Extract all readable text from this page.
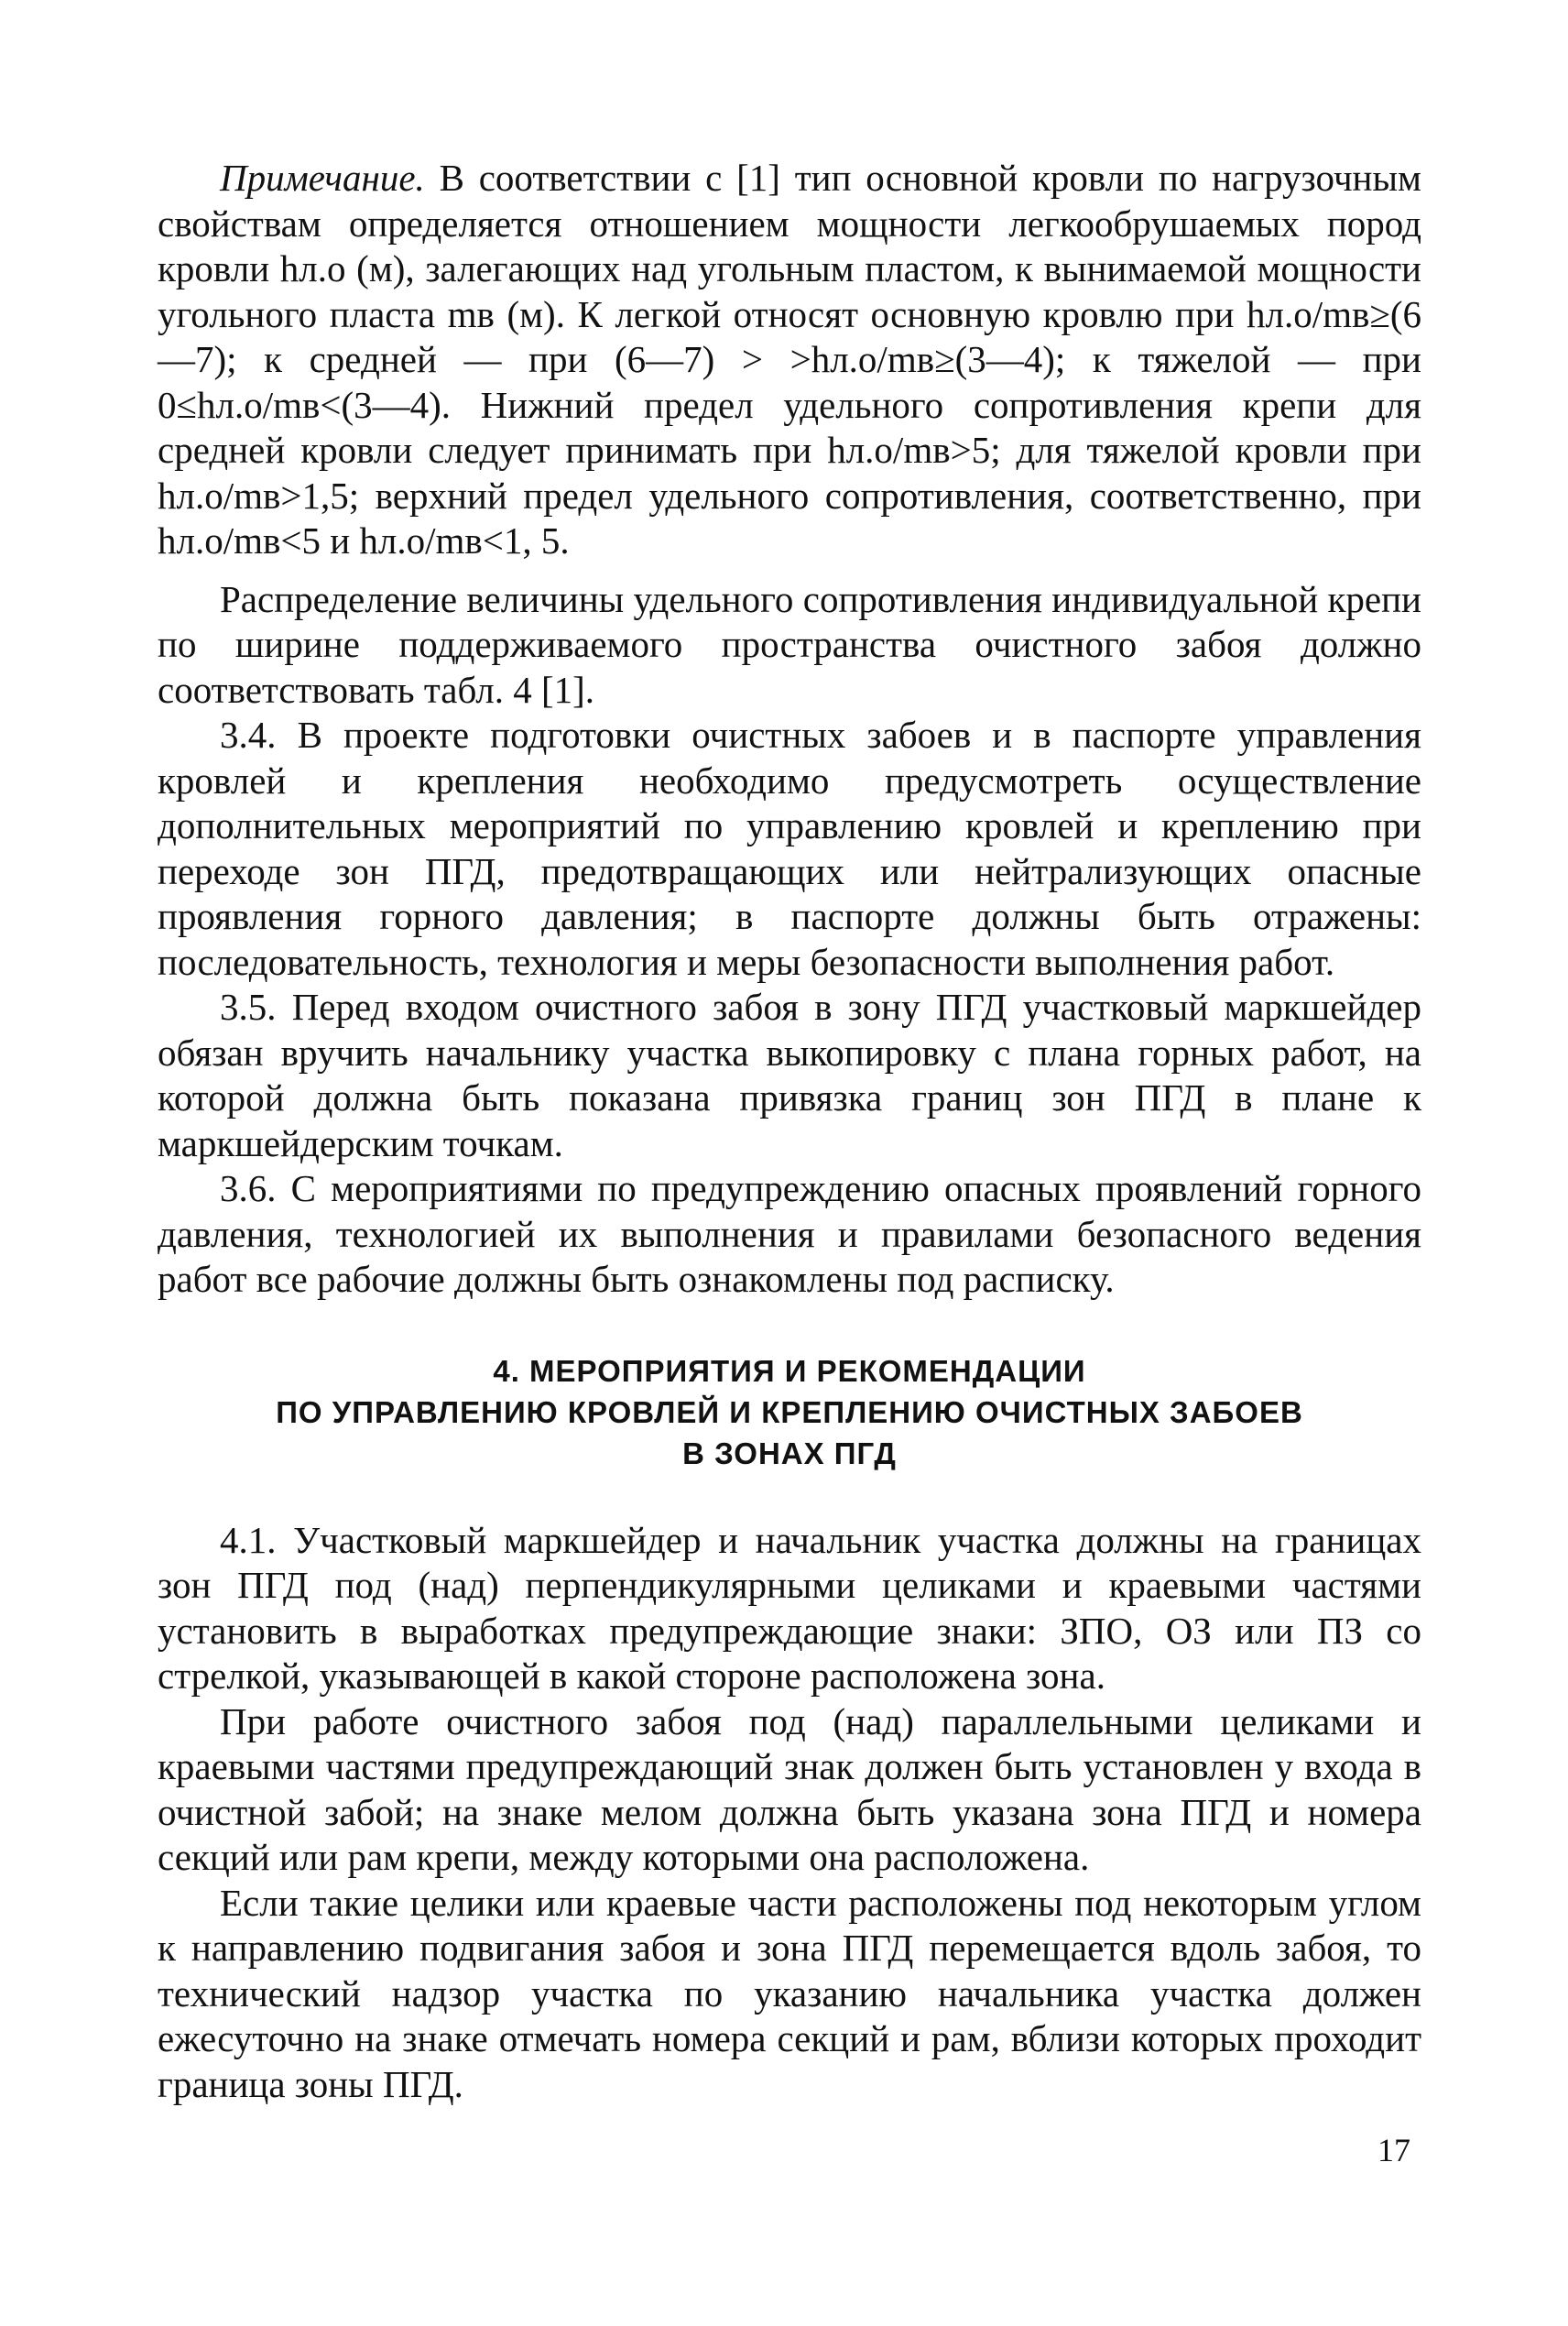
Примечание. В соответствии с [1] тип основной кровли по нагрузочным свойствам определяется отношением мощности легкообрушаемых пород кровли hл.о (м), залегающих над угольным пластом, к вынимаемой мощности угольного пласта mв (м). К легкой относят основную кровлю при hл.о/mв≥(6—7); к средней — при (6—7) > >hл.о/mв≥(3—4); к тяжелой — при 0≤hл.о/mв<(3—4). Нижний предел удельного сопротивления крепи для средней кровли следует принимать при hл.о/mв>5; для тяжелой кровли при hл.о/mв>1,5; верхний предел удельного сопротивления, соответственно, при hл.о/mв<5 и hл.о/mв<1, 5.

Распределение величины удельного сопротивления индивидуальной крепи по ширине поддерживаемого пространства очистного забоя должно соответствовать табл. 4 [1].

3.4. В проекте подготовки очистных забоев и в паспорте управления кровлей и крепления необходимо предусмотреть осуществление дополнительных мероприятий по управлению кровлей и креплению при переходе зон ПГД, предотвращающих или нейтрализующих опасные проявления горного давления; в паспорте должны быть отражены: последовательность, технология и меры безопасности выполнения работ.

3.5. Перед входом очистного забоя в зону ПГД участковый маркшейдер обязан вручить начальнику участка выкопировку с плана горных работ, на которой должна быть показана привязка границ зон ПГД в плане к маркшейдерским точкам.

3.6. С мероприятиями по предупреждению опасных проявлений горного давления, технологией их выполнения и правилами безопасного ведения работ все рабочие должны быть ознакомлены под расписку.

4. МЕРОПРИЯТИЯ И РЕКОМЕНДАЦИИ
ПО УПРАВЛЕНИЮ КРОВЛЕЙ И КРЕПЛЕНИЮ ОЧИСТНЫХ ЗАБОЕВ
В ЗОНАХ ПГД

4.1. Участковый маркшейдер и начальник участка должны на границах зон ПГД под (над) перпендикулярными целиками и краевыми частями установить в выработках предупреждающие знаки: ЗПО, ОЗ или ПЗ со стрелкой, указывающей в какой стороне расположена зона.

При работе очистного забоя под (над) параллельными целиками и краевыми частями предупреждающий знак должен быть установлен у входа в очистной забой; на знаке мелом должна быть указана зона ПГД и номера секций или рам крепи, между которыми она расположена.

Если такие целики или краевые части расположены под некоторым углом к направлению подвигания забоя и зона ПГД перемещается вдоль забоя, то технический надзор участка по указанию начальника участка должен ежесуточно на знаке отмечать номера секций и рам, вблизи которых проходит граница зоны ПГД.

17
